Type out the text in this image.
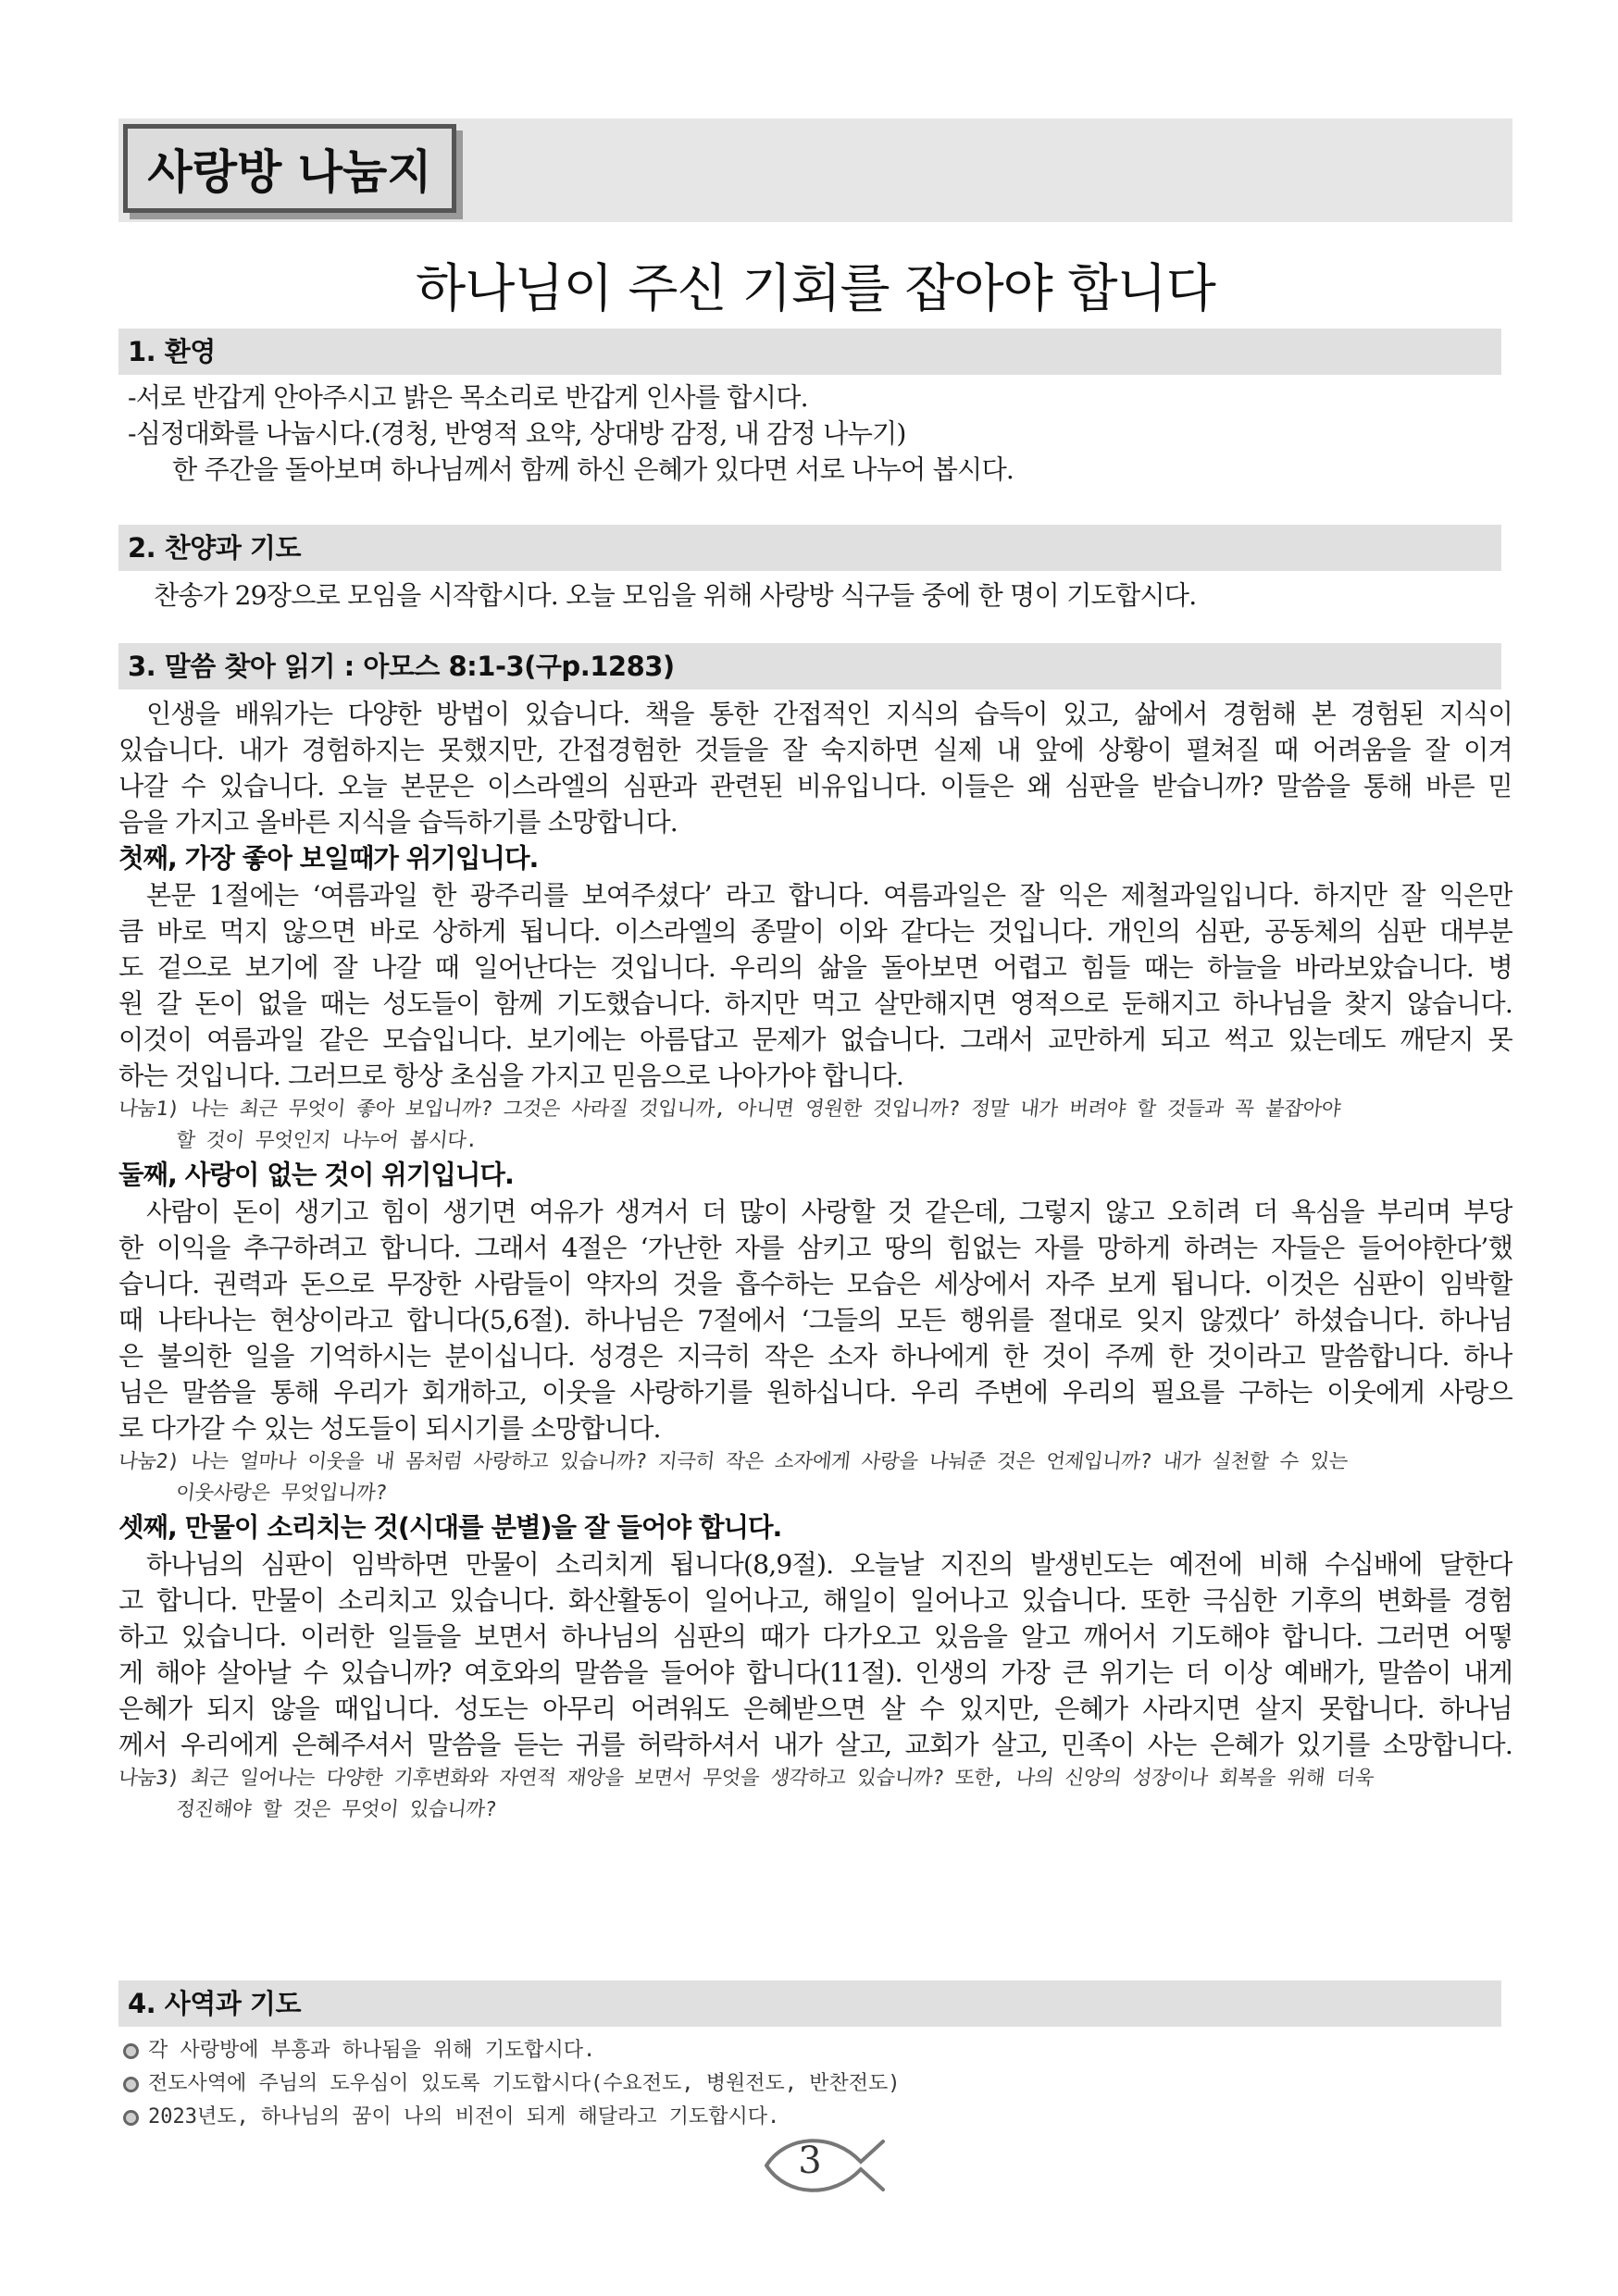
사랑방 나눔지
하나님이 주신 기회를 잡아야 합니다
1. 환영
-서로 반갑게 안아주시고 밝은 목소리로 반갑게 인사를 합시다.
-심정대화를 나눕시다.(경청, 반영적 요약, 상대방 감정, 내 감정 나누기)
한 주간을 돌아보며 하나님께서 함께 하신 은혜가 있다면 서로 나누어 봅시다.
2. 찬양과 기도
찬송가 29장으로 모임을 시작합시다. 오늘 모임을 위해 사랑방 식구들 중에 한 명이 기도합시다.
3. 말씀 찾아 읽기 : 아모스 8:1-3(구p.1283)
인생을 배워가는 다양한 방법이 있습니다. 책을 통한 간접적인 지식의 습득이 있고, 삶에서 경험해 본 경험된 지식이
있습니다. 내가 경험하지는 못했지만, 간접경험한 것들을 잘 숙지하면 실제 내 앞에 상황이 펼쳐질 때 어려움을 잘 이겨
나갈 수 있습니다. 오늘 본문은 이스라엘의 심판과 관련된 비유입니다. 이들은 왜 심판을 받습니까? 말씀을 통해 바른 믿
음을 가지고 올바른 지식을 습득하기를 소망합니다.
첫째, 가장 좋아 보일때가 위기입니다.
본문 1절에는 ‘여름과일 한 광주리를 보여주셨다’ 라고 합니다. 여름과일은 잘 익은 제철과일입니다. 하지만 잘 익은만
큼 바로 먹지 않으면 바로 상하게 됩니다. 이스라엘의 종말이 이와 같다는 것입니다. 개인의 심판, 공동체의 심판 대부분
도 겉으로 보기에 잘 나갈 때 일어난다는 것입니다. 우리의 삶을 돌아보면 어렵고 힘들 때는 하늘을 바라보았습니다. 병
원 갈 돈이 없을 때는 성도들이 함께 기도했습니다. 하지만 먹고 살만해지면 영적으로 둔해지고 하나님을 찾지 않습니다.
이것이 여름과일 같은 모습입니다. 보기에는 아름답고 문제가 없습니다. 그래서 교만하게 되고 썩고 있는데도 깨닫지 못
하는 것입니다. 그러므로 항상 초심을 가지고 믿음으로 나아가야 합니다.
나눔1) 나는 최근 무엇이 좋아 보입니까? 그것은 사라질 것입니까, 아니면 영원한 것입니까? 정말 내가 버려야 할 것들과 꼭 붙잡아야
할 것이 무엇인지 나누어 봅시다.
둘째, 사랑이 없는 것이 위기입니다.
사람이 돈이 생기고 힘이 생기면 여유가 생겨서 더 많이 사랑할 것 같은데, 그렇지 않고 오히려 더 욕심을 부리며 부당
한 이익을 추구하려고 합니다. 그래서 4절은 ‘가난한 자를 삼키고 땅의 힘없는 자를 망하게 하려는 자들은 들어야한다’했
습니다. 권력과 돈으로 무장한 사람들이 약자의 것을 흡수하는 모습은 세상에서 자주 보게 됩니다. 이것은 심판이 임박할
때 나타나는 현상이라고 합니다(5,6절). 하나님은 7절에서 ‘그들의 모든 행위를 절대로 잊지 않겠다’ 하셨습니다. 하나님
은 불의한 일을 기억하시는 분이십니다. 성경은 지극히 작은 소자 하나에게 한 것이 주께 한 것이라고 말씀합니다. 하나
님은 말씀을 통해 우리가 회개하고, 이웃을 사랑하기를 원하십니다. 우리 주변에 우리의 필요를 구하는 이웃에게 사랑으
로 다가갈 수 있는 성도들이 되시기를 소망합니다.
나눔2) 나는 얼마나 이웃을 내 몸처럼 사랑하고 있습니까? 지극히 작은 소자에게 사랑을 나눠준 것은 언제입니까? 내가 실천할 수 있는
이웃사랑은 무엇입니까?
셋째, 만물이 소리치는 것(시대를 분별)을 잘 들어야 합니다.
하나님의 심판이 임박하면 만물이 소리치게 됩니다(8,9절). 오늘날 지진의 발생빈도는 예전에 비해 수십배에 달한다
고 합니다. 만물이 소리치고 있습니다. 화산활동이 일어나고, 해일이 일어나고 있습니다. 또한 극심한 기후의 변화를 경험
하고 있습니다. 이러한 일들을 보면서 하나님의 심판의 때가 다가오고 있음을 알고 깨어서 기도해야 합니다. 그러면 어떻
게 해야 살아날 수 있습니까? 여호와의 말씀을 들어야 합니다(11절). 인생의 가장 큰 위기는 더 이상 예배가, 말씀이 내게
은혜가 되지 않을 때입니다. 성도는 아무리 어려워도 은혜받으면 살 수 있지만, 은혜가 사라지면 살지 못합니다. 하나님
께서 우리에게 은혜주셔서 말씀을 듣는 귀를 허락하셔서 내가 살고, 교회가 살고, 민족이 사는 은혜가 있기를 소망합니다.
나눔3) 최근 일어나는 다양한 기후변화와 자연적 재앙을 보면서 무엇을 생각하고 있습니까? 또한, 나의 신앙의 성장이나 회복을 위해 더욱
정진해야 할 것은 무엇이 있습니까?
4. 사역과 기도
각 사랑방에 부흥과 하나됨을 위해 기도합시다.
전도사역에 주님의 도우심이 있도록 기도합시다(수요전도, 병원전도, 반찬전도)
2023년도, 하나님의 꿈이 나의 비전이 되게 해달라고 기도합시다.
3
